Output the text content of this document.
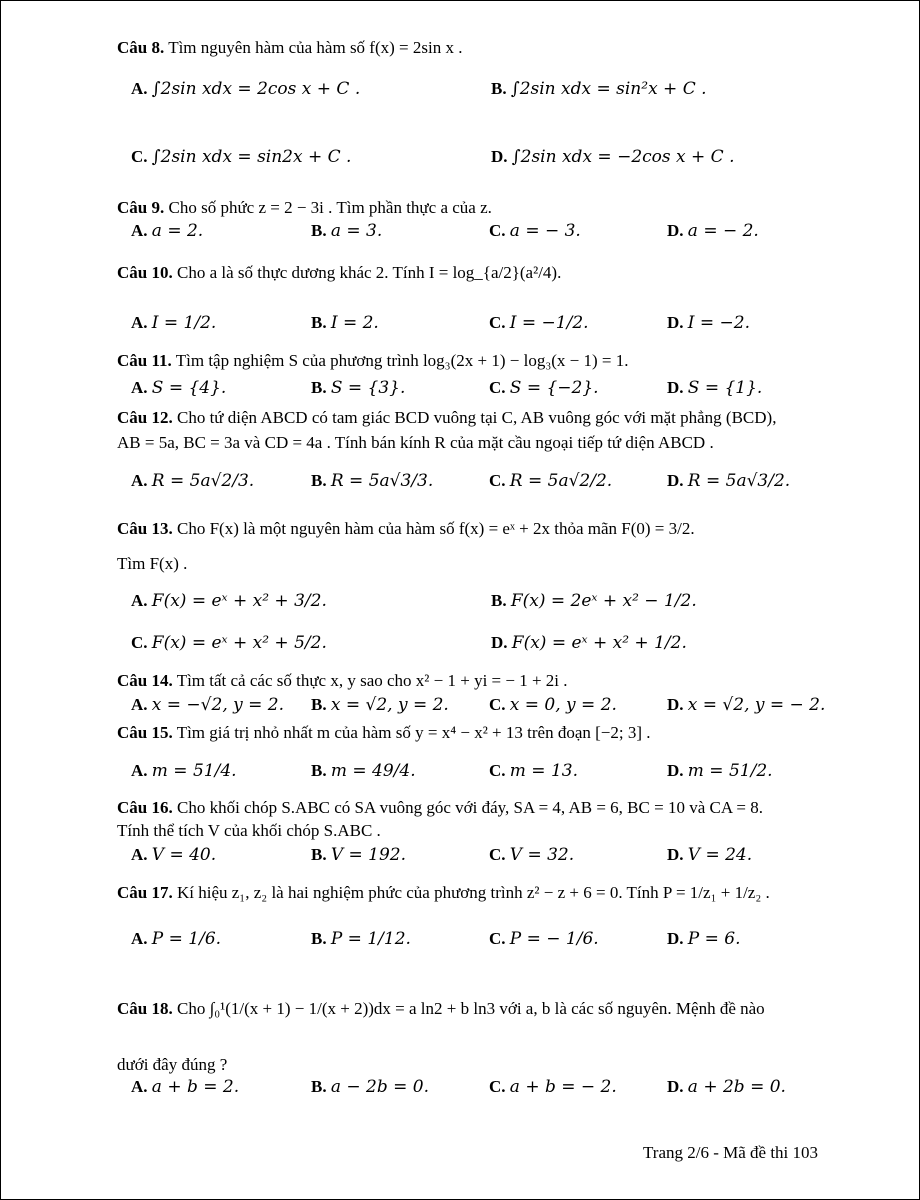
Câu 8. Tìm nguyên hàm của hàm số f(x) = 2sin x .
A. ∫2sin xdx = 2cos x + C .	B. ∫2sin xdx = sin²x + C .
C. ∫2sin xdx = sin2x + C .	D. ∫2sin xdx = −2cos x + C .
Câu 9. Cho số phức z = 2 − 3i . Tìm phần thực a của z.
A. a = 2.	B. a = 3.	C. a = − 3.	D. a = − 2.
Câu 10. Cho a là số thực dương khác 2. Tính I = log_{a/2}(a²/4).
A. I = 1/2.	B. I = 2.	C. I = −1/2.	D. I = −2.
Câu 11. Tìm tập nghiệm S của phương trình log₃(2x + 1) − log₃(x − 1) = 1.
A. S = {4}.	B. S = {3}.	C. S = {−2}.	D. S = {1}.
Câu 12. Cho tứ diện ABCD có tam giác BCD vuông tại C, AB vuông góc với mặt phẳng (BCD),
AB = 5a, BC = 3a và CD = 4a . Tính bán kính R của mặt cầu ngoại tiếp tứ diện ABCD .
A. R = 5a√2/3.	B. R = 5a√3/3.	C. R = 5a√2/2.	D. R = 5a√3/2.
Câu 13. Cho F(x) là một nguyên hàm của hàm số f(x) = eˣ + 2x thỏa mãn F(0) = 3/2.
Tìm F(x) .
A. F(x) = eˣ + x² + 3/2.	B. F(x) = 2eˣ + x² − 1/2.
C. F(x) = eˣ + x² + 5/2.	D. F(x) = eˣ + x² + 1/2.
Câu 14. Tìm tất cả các số thực x, y sao cho x² − 1 + yi = − 1 + 2i .
A. x = −√2, y = 2. B. x = √2, y = 2. C. x = 0, y = 2.	D. x = √2, y = − 2.
Câu 15. Tìm giá trị nhỏ nhất m của hàm số y = x⁴ − x² + 13 trên đoạn [−2; 3] .
A. m = 51/4.	B. m = 49/4.	C. m = 13.	D. m = 51/2.
Câu 16. Cho khối chóp S.ABC có SA vuông góc với đáy, SA = 4, AB = 6, BC = 10 và CA = 8.
Tính thể tích V của khối chóp S.ABC .
A. V = 40.	B. V = 192.	C. V = 32.	D. V = 24.
Câu 17. Kí hiệu z₁, z₂ là hai nghiệm phức của phương trình z² − z + 6 = 0. Tính P = 1/z₁ + 1/z₂ .
A. P = 1/6.	B. P = 1/12.	C. P = − 1/6.	D. P = 6.
Câu 18. Cho ∫₀¹(1/(x + 1) − 1/(x + 2))dx = a ln2 + b ln3 với a, b là các số nguyên. Mệnh đề nào
dưới đây đúng ?
A. a + b = 2.	B. a − 2b = 0.	C. a + b = − 2.	D. a + 2b = 0.
Trang 2/6 - Mã đề thi 103
